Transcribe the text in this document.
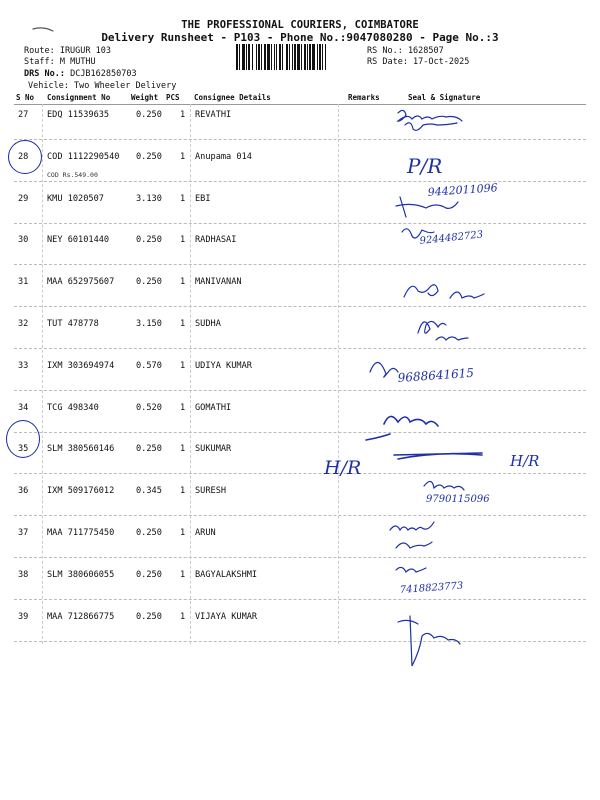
THE PROFESSIONAL COURIERS, COIMBATORE
Delivery Runsheet - P103 - Phone No.:9047080280 - Page No.:3
Route: IRUGUR 103
Staff: M MUTHU
DRS No.: DCJB162850703
Vehicle: Two Wheeler Delivery
RS No.: 1628507
RS Date: 17-Oct-2025
S No Consignment No	Weight PCS Consignee Details	Remarks	Seal & Signature
27 EDQ 11539635	0.250 1 REVATHI
28 COD 1112290540 0.250 1 Anupama 014
COD Rs.549.00
29 KMU 1020507	3.130 1 EBI
30 NEY 60101440	0.250 1 RADHASAI
31 MAA 652975607	0.250 1 MANIVANAN
32 TUT 478778	3.150 1 SUDHA
33 IXM 303694974	0.570 1 UDIYA KUMAR
34 TCG 498340	0.520 1 GOMATHI
35 SLM 380560146	0.250 1 SUKUMAR
36 IXM 509176012	0.345 1 SURESH
37 MAA 711775450	0.250 1 ARUN
38 SLM 380606055	0.250 1 BAGYALAKSHMI
39 MAA 712866775	0.250 1 VIJAYA KUMAR
P/R
9442011096
9244482723
9688641615
H/R	H/R
9790115096
7418823773
